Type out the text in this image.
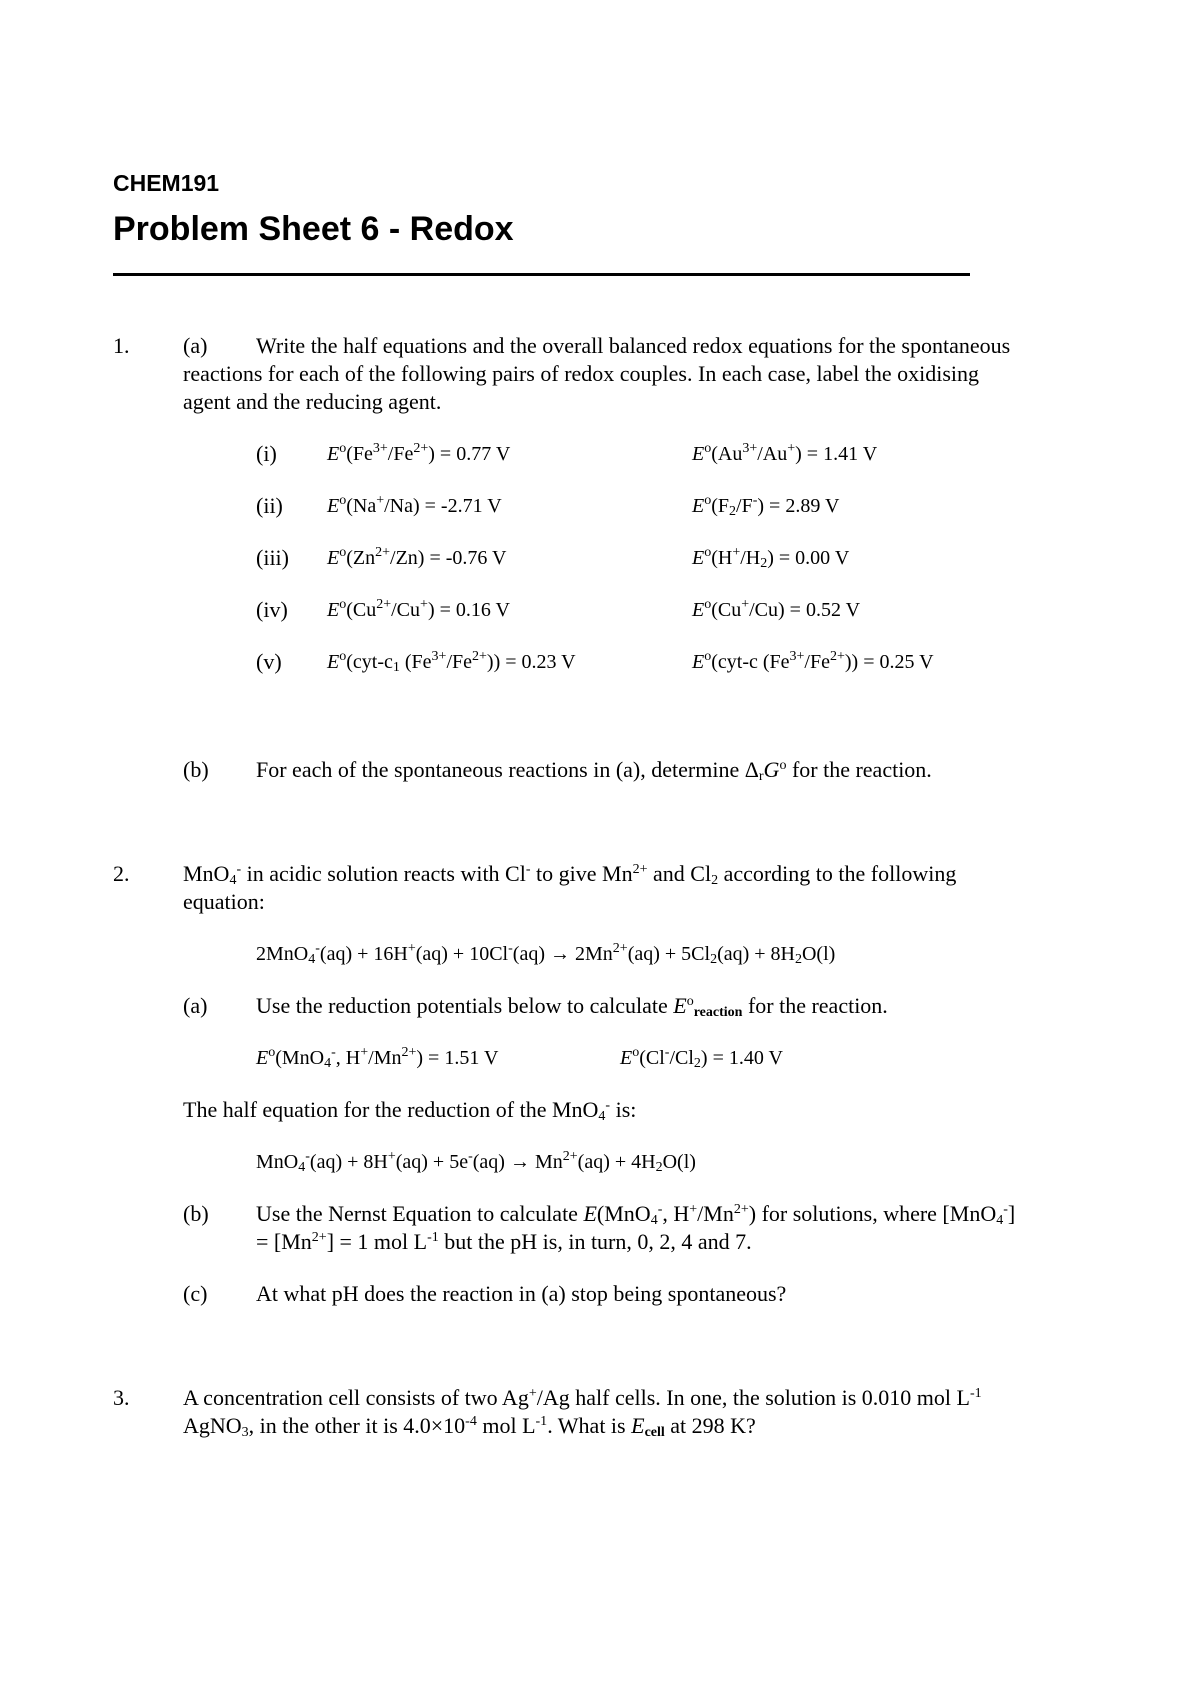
CHEM191
Problem Sheet 6 - Redox
1. (a) Write the half equations and the overall balanced redox equations for the spontaneous
reactions for each of the following pairs of redox couples. In each case, label the oxidising
agent and the reducing agent.
(i)	$E^o(Fe^{3+}/Fe^{2+}) = 0.77$ V	$E^o(Au^{3+}/Au^+) = 1.41$ V
(ii) $E^o(Na^+/Na) = -2.71$ V	$E^o(F_2/F^-) = 2.89$ V
(iii) $E^o(Zn^{2+}/Zn) = -0.76$ V	$E^o(H^+/H_2) = 0.00$ V
(iv) $E^o(Cu^{2+}/Cu^+) = 0.16$ V	$E^o(Cu^+/Cu) = 0.52$ V
(v) $E^o(cyt-c_1$ $(Fe^{3+}/Fe^{2+})) = 0.23$ V	$E^o(cyt-c$ $(Fe^{3+}/Fe^{2+})) = 0.25$ V
(b) For each of the spontaneous reactions in (a), determine $\Delta_rG^o$ for the reaction.
2. MnO$_4$- in acidic solution reacts with Cl- to give $Mn^{2+}$ and $Cl_2$ according to the following
equation:
$2MnO_4^-(aq) + 16H^+(aq) + 10Cl^-(aq) \to 2Mn^{2+}(aq) + 5Cl_2(aq) + 8H_2O(l)$
(a) Use the reduction potentials below to calculate $E^o_{reaction}$ for the reaction.
$E^o(MnO_4^-$, $H^+/Mn^{2+}) = 1.51$ V	$E^o(Cl^-/Cl_2) = 1.40$ V
The half equation for the reduction of the MnO$_4$- is:
$MnO_4^-(aq) + 8H^+(aq) + 5e^-(aq) \to Mn^{2+}(aq) + 4H_2O(l)$
(b) Use the Nernst Equation to calculate E(MnO$_4$-, $H^+/Mn^{2+}$) for solutions, where [MnO$_4$-]
= $[Mn^{2+}] = 1$ mol $L^{-1}$ but the pH is, in turn, 0, 2, 4 and 7.
(c) At what pH does the reaction in (a) stop being spontaneous?
3. A concentration cell consists of two Ag+/Ag half cells. In one, the solution is 0.010 mol $L^{-1}$
AgNO$_3$, in the other it is $4.0\times 10^{-4}$ mol $L^{-1}$. What is $E_{cell}$ at 298 K?
